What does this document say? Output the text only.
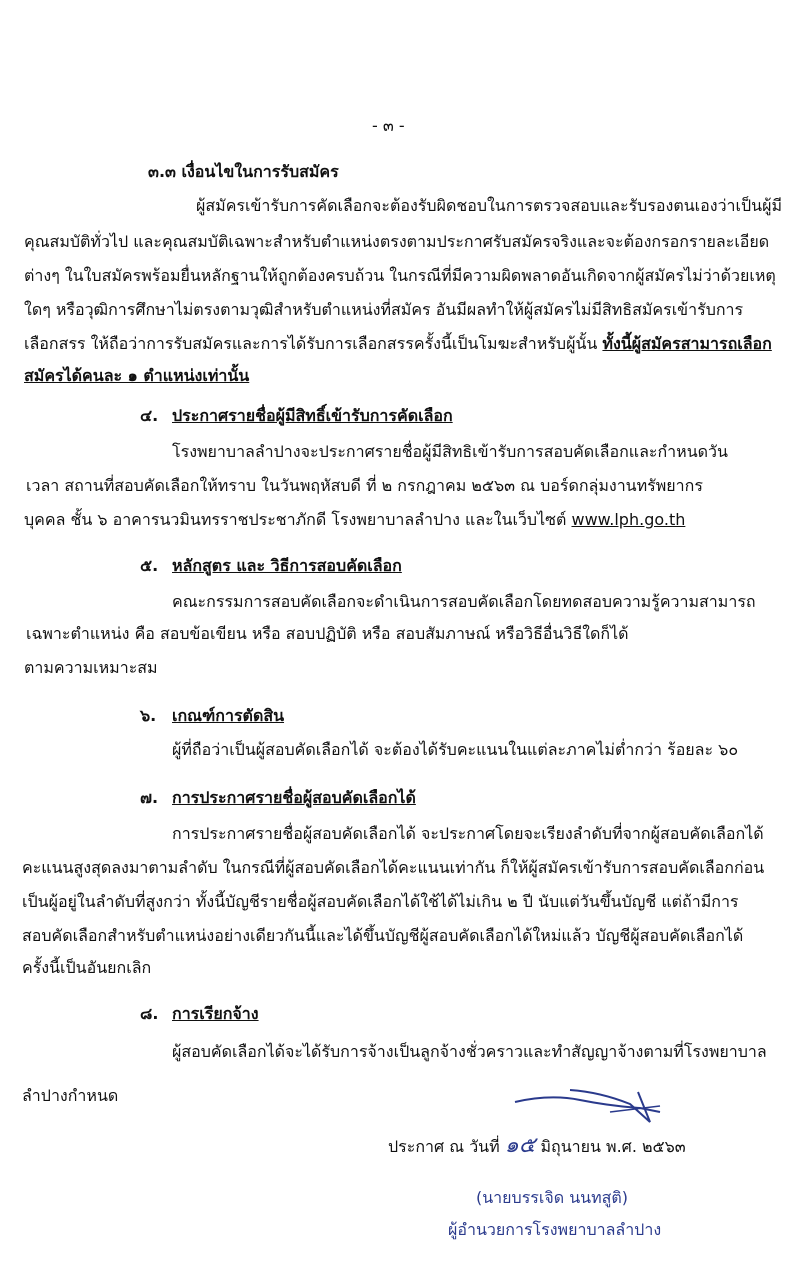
- ๓ -
๓.๓ เงื่อนไขในการรับสมัคร
ผู้สมัครเข้ารับการคัดเลือกจะต้องรับผิดชอบในการตรวจสอบและรับรองตนเองว่าเป็นผู้มี
คุณสมบัติทั่วไป และคุณสมบัติเฉพาะสำหรับตำแหน่งตรงตามประกาศรับสมัครจริงและจะต้องกรอกรายละเอียด
ต่างๆ ในใบสมัครพร้อมยื่นหลักฐานให้ถูกต้องครบถ้วน ในกรณีที่มีความผิดพลาดอันเกิดจากผู้สมัครไม่ว่าด้วยเหตุ
ใดๆ หรือวุฒิการศึกษาไม่ตรงตามวุฒิสำหรับตำแหน่งที่สมัคร อันมีผลทำให้ผู้สมัครไม่มีสิทธิสมัครเข้ารับการ
เลือกสรร ให้ถือว่าการรับสมัครและการได้รับการเลือกสรรครั้งนี้เป็นโมฆะสำหรับผู้นั้น ทั้งนี้ผู้สมัครสามารถเลือก
สมัครได้คนละ ๑ ตำแหน่งเท่านั้น
๔. ประกาศรายชื่อผู้มีสิทธิ์เข้ารับการคัดเลือก
โรงพยาบาลลำปางจะประกาศรายชื่อผู้มีสิทธิเข้ารับการสอบคัดเลือกและกำหนดวัน
เวลา สถานที่สอบคัดเลือกให้ทราบ ในวันพฤหัสบดี ที่ ๒ กรกฎาคม ๒๕๖๓ ณ บอร์ดกลุ่มงานทรัพยากร
บุคคล ชั้น ๖ อาคารนวมินทรราชประชาภักดี โรงพยาบาลลำปาง และในเว็บไซต์ www.lph.go.th
๕. หลักสูตร และ วิธีการสอบคัดเลือก
คณะกรรมการสอบคัดเลือกจะดำเนินการสอบคัดเลือกโดยทดสอบความรู้ความสามารถ
เฉพาะตำแหน่ง คือ สอบข้อเขียน หรือ สอบปฏิบัติ หรือ สอบสัมภาษณ์ หรือวิธีอื่นวิธีใดก็ได้
ตามความเหมาะสม
๖. เกณฑ์การตัดสิน
ผู้ที่ถือว่าเป็นผู้สอบคัดเลือกได้ จะต้องได้รับคะแนนในแต่ละภาคไม่ต่ำกว่า ร้อยละ ๖๐
๗. การประกาศรายชื่อผู้สอบคัดเลือกได้
การประกาศรายชื่อผู้สอบคัดเลือกได้ จะประกาศโดยจะเรียงลำดับที่จากผู้สอบคัดเลือกได้
คะแนนสูงสุดลงมาตามลำดับ ในกรณีที่ผู้สอบคัดเลือกได้คะแนนเท่ากัน ก็ให้ผู้สมัครเข้ารับการสอบคัดเลือกก่อน
เป็นผู้อยู่ในลำดับที่สูงกว่า ทั้งนี้บัญชีรายชื่อผู้สอบคัดเลือกได้ใช้ได้ไม่เกิน ๒ ปี นับแต่วันขึ้นบัญชี แต่ถ้ามีการ
สอบคัดเลือกสำหรับตำแหน่งอย่างเดียวกันนี้และได้ขึ้นบัญชีผู้สอบคัดเลือกได้ใหม่แล้ว บัญชีผู้สอบคัดเลือกได้
ครั้งนี้เป็นอันยกเลิก
๘. การเรียกจ้าง
ผู้สอบคัดเลือกได้จะได้รับการจ้างเป็นลูกจ้างชั่วคราวและทำสัญญาจ้างตามที่โรงพยาบาล
ลำปางกำหนด
ประกาศ ณ วันที่ ๑๕ มิถุนายน พ.ศ. ๒๕๖๓
(นายบรรเจิด นนทสูติ)
ผู้อำนวยการโรงพยาบาลลำปาง
